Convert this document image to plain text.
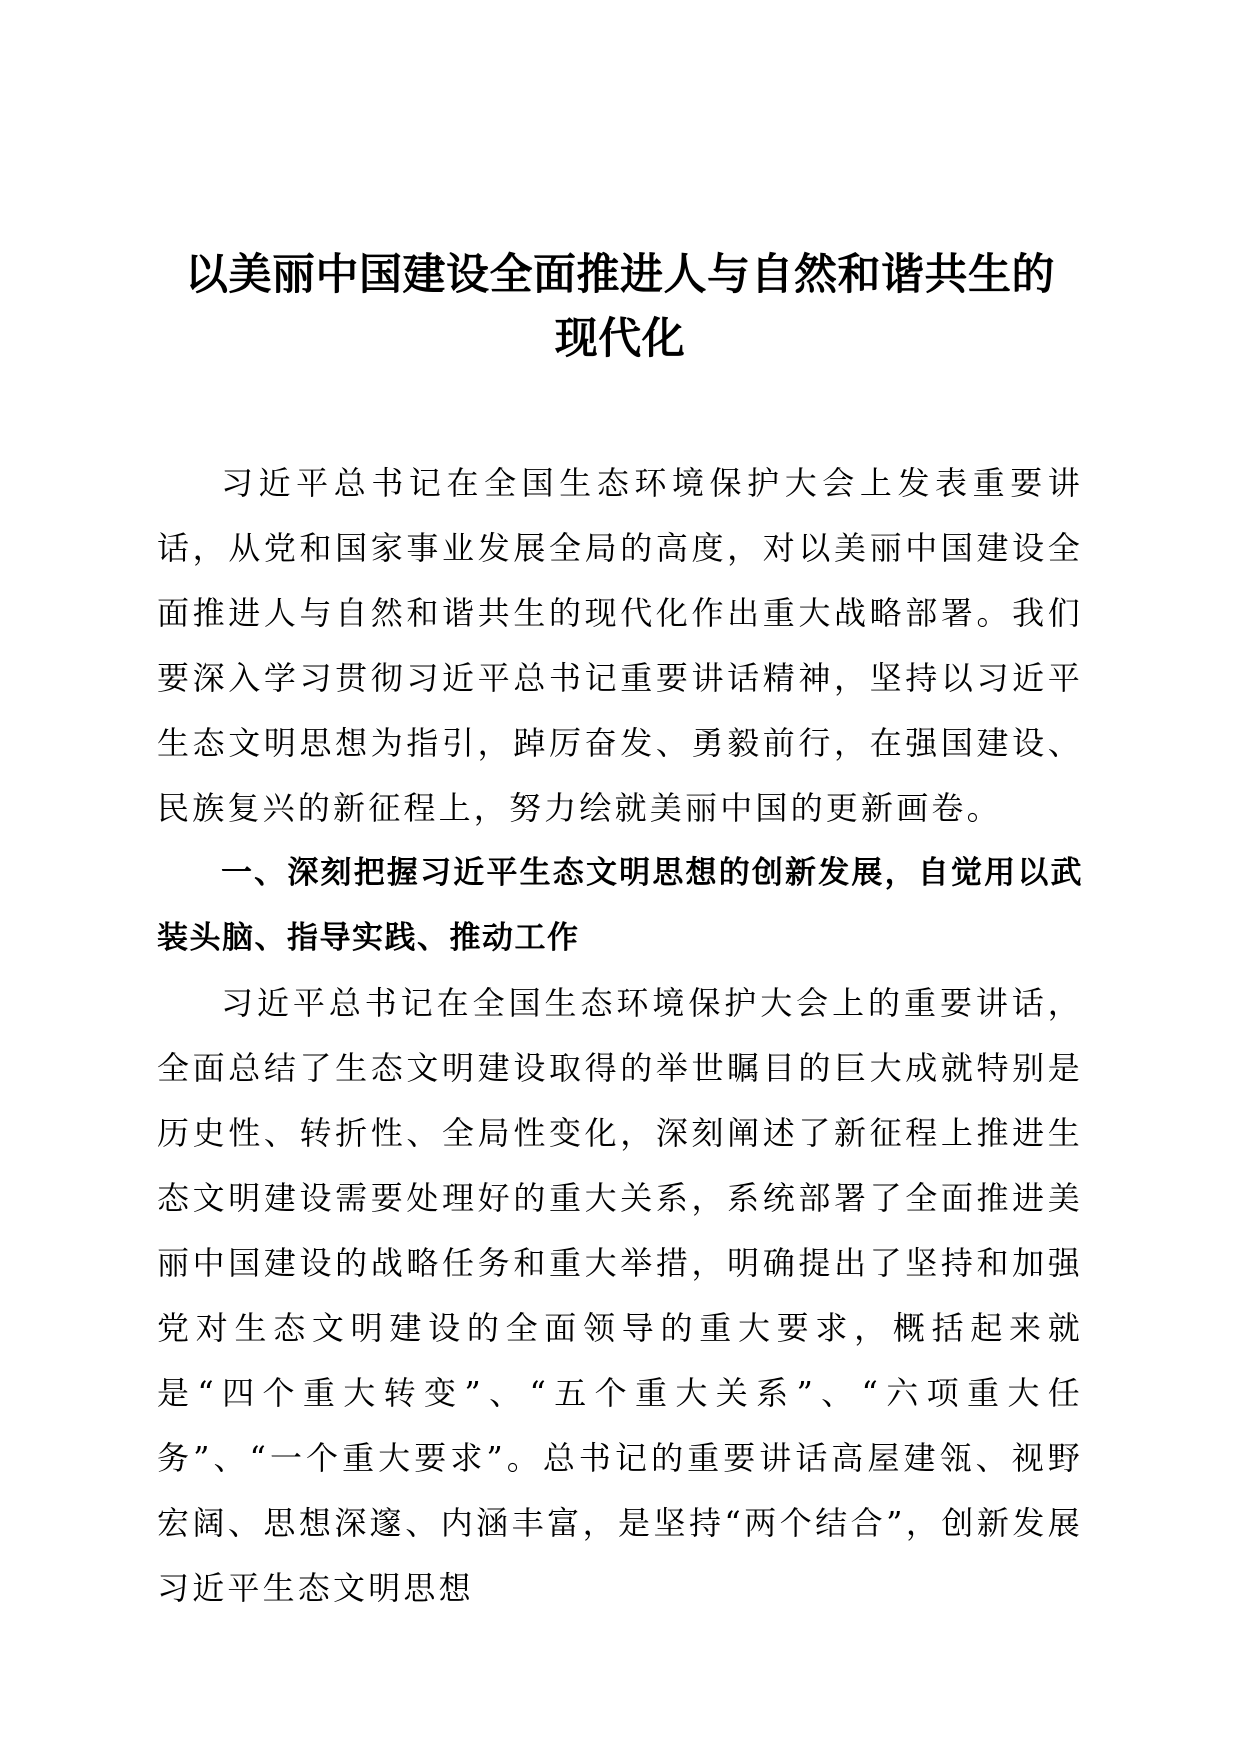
以美丽中国建设全面推进人与自然和谐共生的
现代化

习近平总书记在全国生态环境保护大会上发表重要讲话，从党和国家事业发展全局的高度，对以美丽中国建设全面推进人与自然和谐共生的现代化作出重大战略部署。我们要深入学习贯彻习近平总书记重要讲话精神，坚持以习近平生态文明思想为指引，踔厉奋发、勇毅前行，在强国建设、民族复兴的新征程上，努力绘就美丽中国的更新画卷。

一、深刻把握习近平生态文明思想的创新发展，自觉用以武装头脑、指导实践、推动工作

习近平总书记在全国生态环境保护大会上的重要讲话，全面总结了生态文明建设取得的举世瞩目的巨大成就特别是历史性、转折性、全局性变化，深刻阐述了新征程上推进生态文明建设需要处理好的重大关系，系统部署了全面推进美丽中国建设的战略任务和重大举措，明确提出了坚持和加强党对生态文明建设的全面领导的重大要求，概括起来就是“四个重大转变”、“五个重大关系”、“六项重大任务”、“一个重大要求”。总书记的重要讲话高屋建瓴、视野宏阔、思想深邃、内涵丰富，是坚持“两个结合”，创新发展习近平生态文明思想
